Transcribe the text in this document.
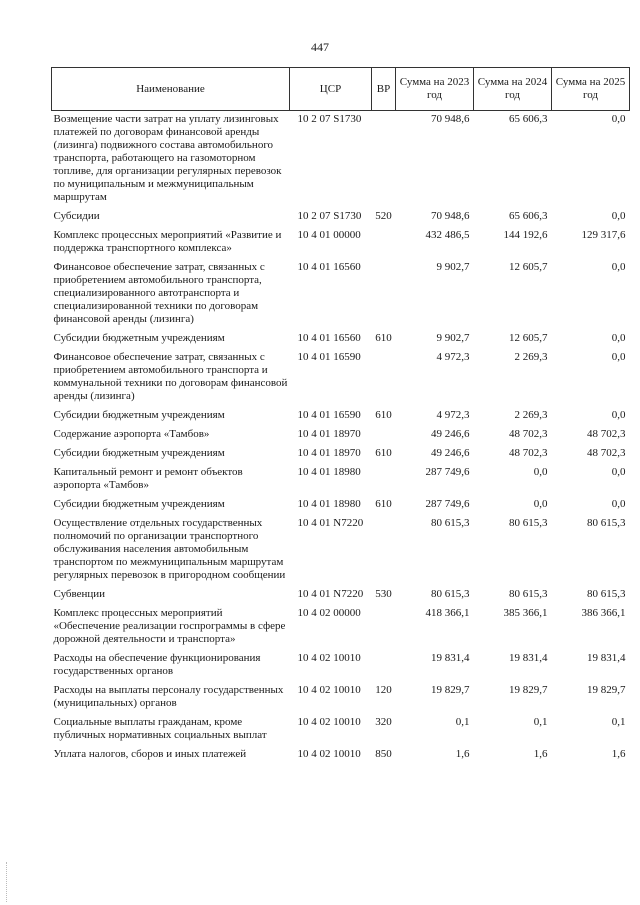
447
Наименование	ЦСР	ВР	Сумма на 2023 год	Сумма на 2024 год	Сумма на 2025 год
Возмещение части затрат на уплату лизинговых платежей по договорам финансовой аренды (лизинга) подвижного состава автомобильного транспорта, работающего на газомоторном топливе, для организации регулярных перевозок по муниципальным и межмуниципальным маршрутам	10 2 07 S1730		70 948,6	65 606,3	0,0
Субсидии	10 2 07 S1730	520	70 948,6	65 606,3	0,0
Комплекс процессных мероприятий «Развитие и поддержка транспортного комплекса»	10 4 01 00000		432 486,5	144 192,6	129 317,6
Финансовое обеспечение затрат, связанных с приобретением автомобильного транспорта, специализированного автотранспорта и специализированной техники по договорам финансовой аренды (лизинга)	10 4 01 16560		9 902,7	12 605,7	0,0
Субсидии бюджетным учреждениям	10 4 01 16560	610	9 902,7	12 605,7	0,0
Финансовое обеспечение затрат, связанных с приобретением автомобильного транспорта и коммунальной техники по договорам финансовой аренды (лизинга)	10 4 01 16590		4 972,3	2 269,3	0,0
Субсидии бюджетным учреждениям	10 4 01 16590	610	4 972,3	2 269,3	0,0
Содержание аэропорта «Тамбов»	10 4 01 18970		49 246,6	48 702,3	48 702,3
Субсидии бюджетным учреждениям	10 4 01 18970	610	49 246,6	48 702,3	48 702,3
Капитальный ремонт и ремонт объектов аэропорта «Тамбов»	10 4 01 18980		287 749,6	0,0	0,0
Субсидии бюджетным учреждениям	10 4 01 18980	610	287 749,6	0,0	0,0
Осуществление отдельных государственных полномочий по организации транспортного обслуживания населения автомобильным транспортом по межмуниципальным маршрутам регулярных перевозок в пригородном сообщении	10 4 01 N7220		80 615,3	80 615,3	80 615,3
Субвенции	10 4 01 N7220	530	80 615,3	80 615,3	80 615,3
Комплекс процессных мероприятий «Обеспечение реализации госпрограммы в сфере дорожной деятельности и транспорта»	10 4 02 00000		418 366,1	385 366,1	386 366,1
Расходы на обеспечение функционирования государственных органов	10 4 02 10010		19 831,4	19 831,4	19 831,4
Расходы на выплаты персоналу государственных (муниципальных) органов	10 4 02 10010	120	19 829,7	19 829,7	19 829,7
Социальные выплаты гражданам, кроме публичных нормативных социальных выплат	10 4 02 10010	320	0,1	0,1	0,1
Уплата налогов, сборов и иных платежей	10 4 02 10010	850	1,6	1,6	1,6
